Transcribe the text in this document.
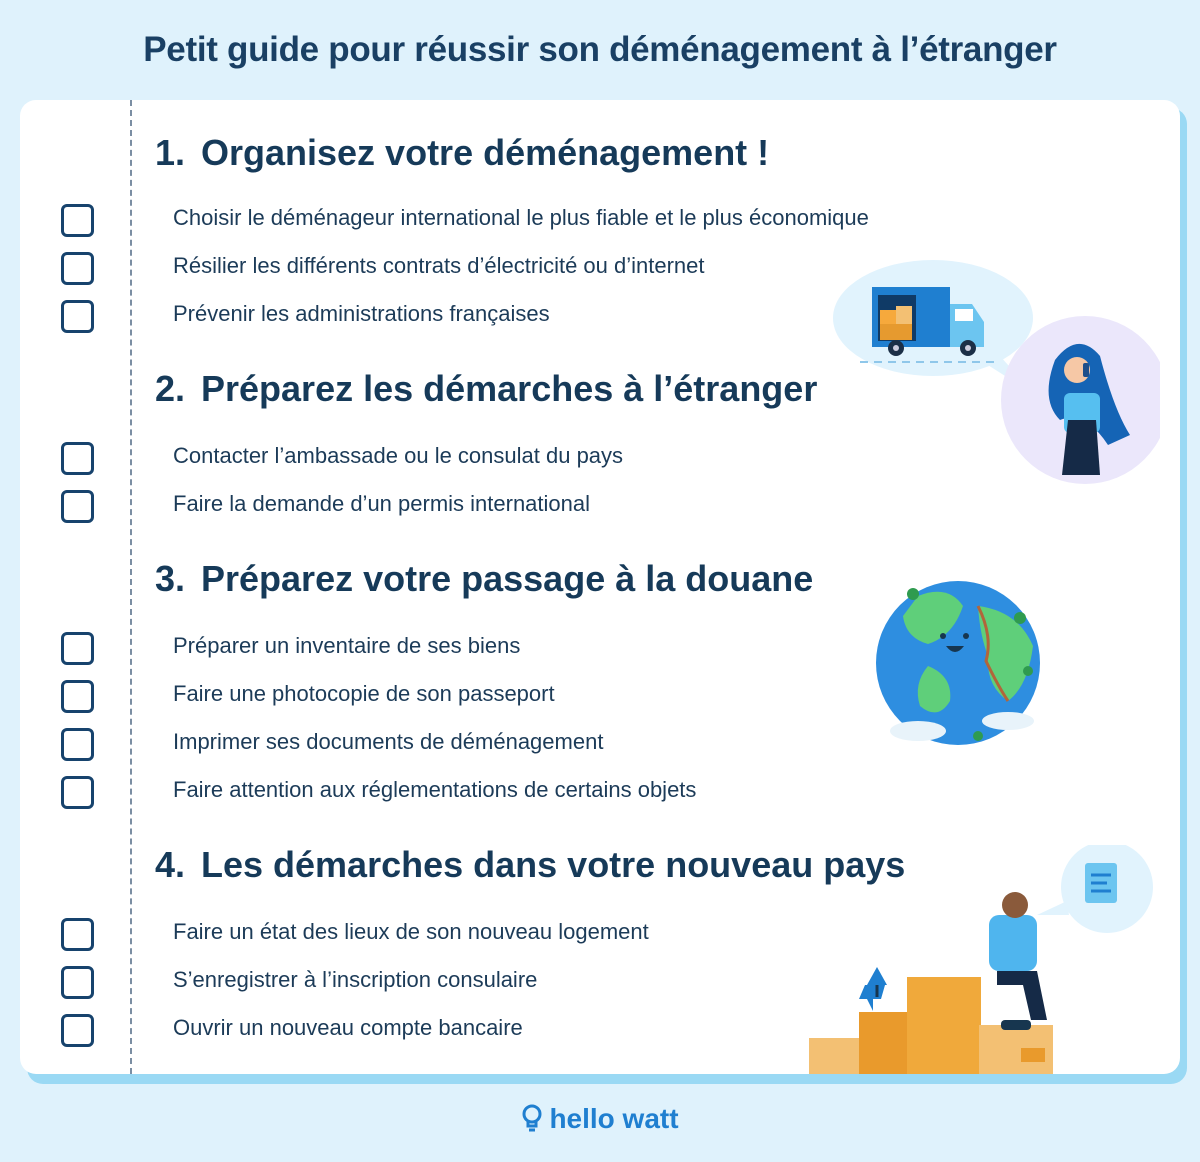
Petit guide pour réussir son déménagement à l’étranger
1. Organisez votre déménagement !
Choisir le déménageur international le plus fiable et le plus économique
Résilier les différents contrats d’électricité ou d’internet
Prévenir les administrations françaises
2. Préparez les démarches à l’étranger
Contacter l’ambassade ou le consulat du pays
Faire la demande d’un permis international
3. Préparez votre passage à la douane
Préparer un inventaire de ses biens
Faire une photocopie de son passeport
Imprimer ses documents de déménagement
Faire attention aux réglementations de certains objets
4. Les démarches dans votre nouveau pays
Faire un état des lieux de son nouveau logement
S’enregistrer à l’inscription consulaire
Ouvrir un nouveau compte bancaire
hello watt
